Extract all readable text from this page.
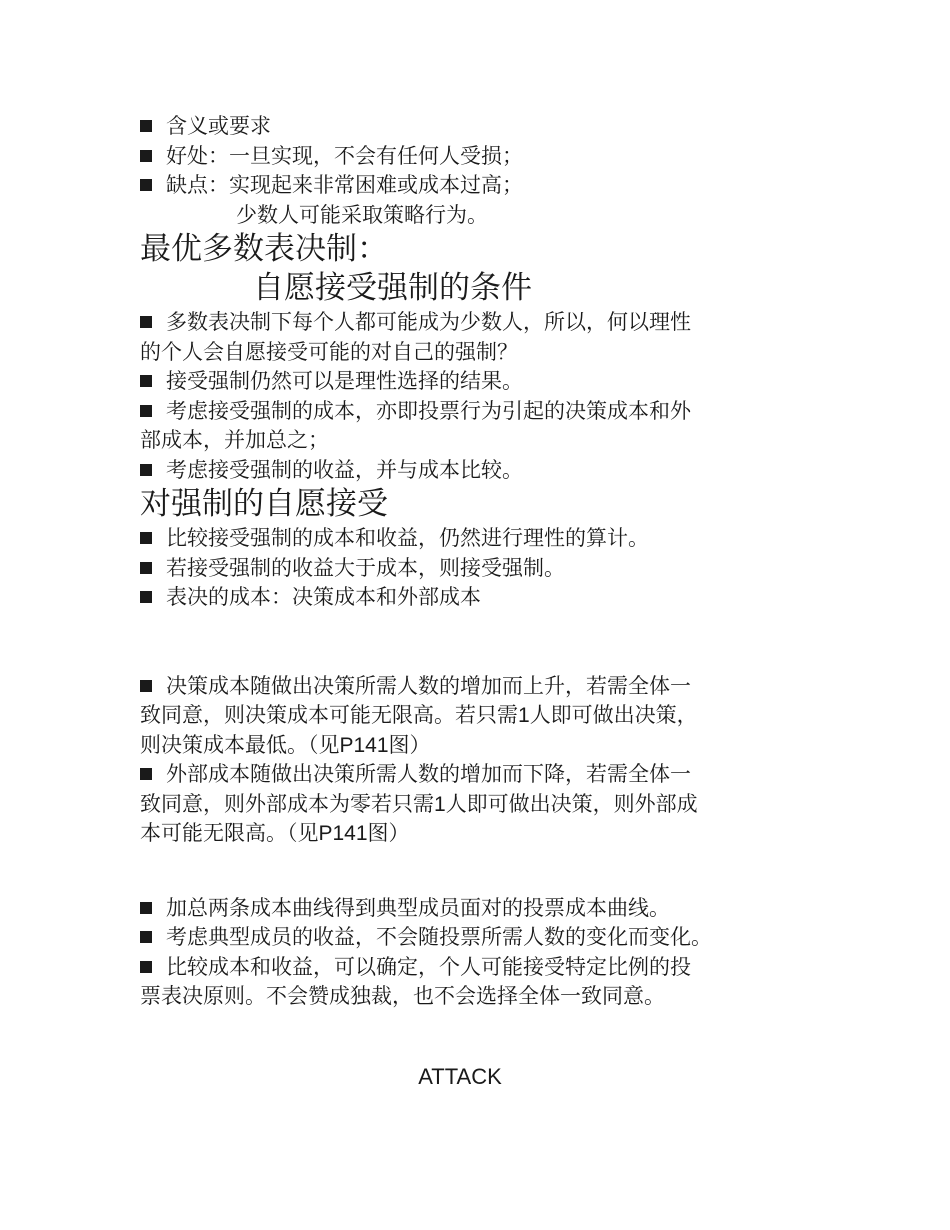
含义或要求
好处：一旦实现，不会有任何人受损；
缺点：实现起来非常困难或成本过高；
少数人可能采取策略行为。
最优多数表决制：
自愿接受强制的条件
多数表决制下每个人都可能成为少数人，所以，何以理性
的个人会自愿接受可能的对自己的强制？
接受强制仍然可以是理性选择的结果。
考虑接受强制的成本，亦即投票行为引起的决策成本和外
部成本，并加总之；
考虑接受强制的收益，并与成本比较。
对强制的自愿接受
比较接受强制的成本和收益，仍然进行理性的算计。
若接受强制的收益大于成本，则接受强制。
表决的成本：决策成本和外部成本
决策成本随做出决策所需人数的增加而上升，若需全体一
致同意，则决策成本可能无限高。若只需1人即可做出决策，
则决策成本最低。（见P141图）
外部成本随做出决策所需人数的增加而下降，若需全体一
致同意，则外部成本为零若只需1人即可做出决策，则外部成
本可能无限高。（见P141图）
加总两条成本曲线得到典型成员面对的投票成本曲线。
考虑典型成员的收益，不会随投票所需人数的变化而变化。
比较成本和收益，可以确定，个人可能接受特定比例的投
票表决原则。不会赞成独裁，也不会选择全体一致同意。
ATTACK
